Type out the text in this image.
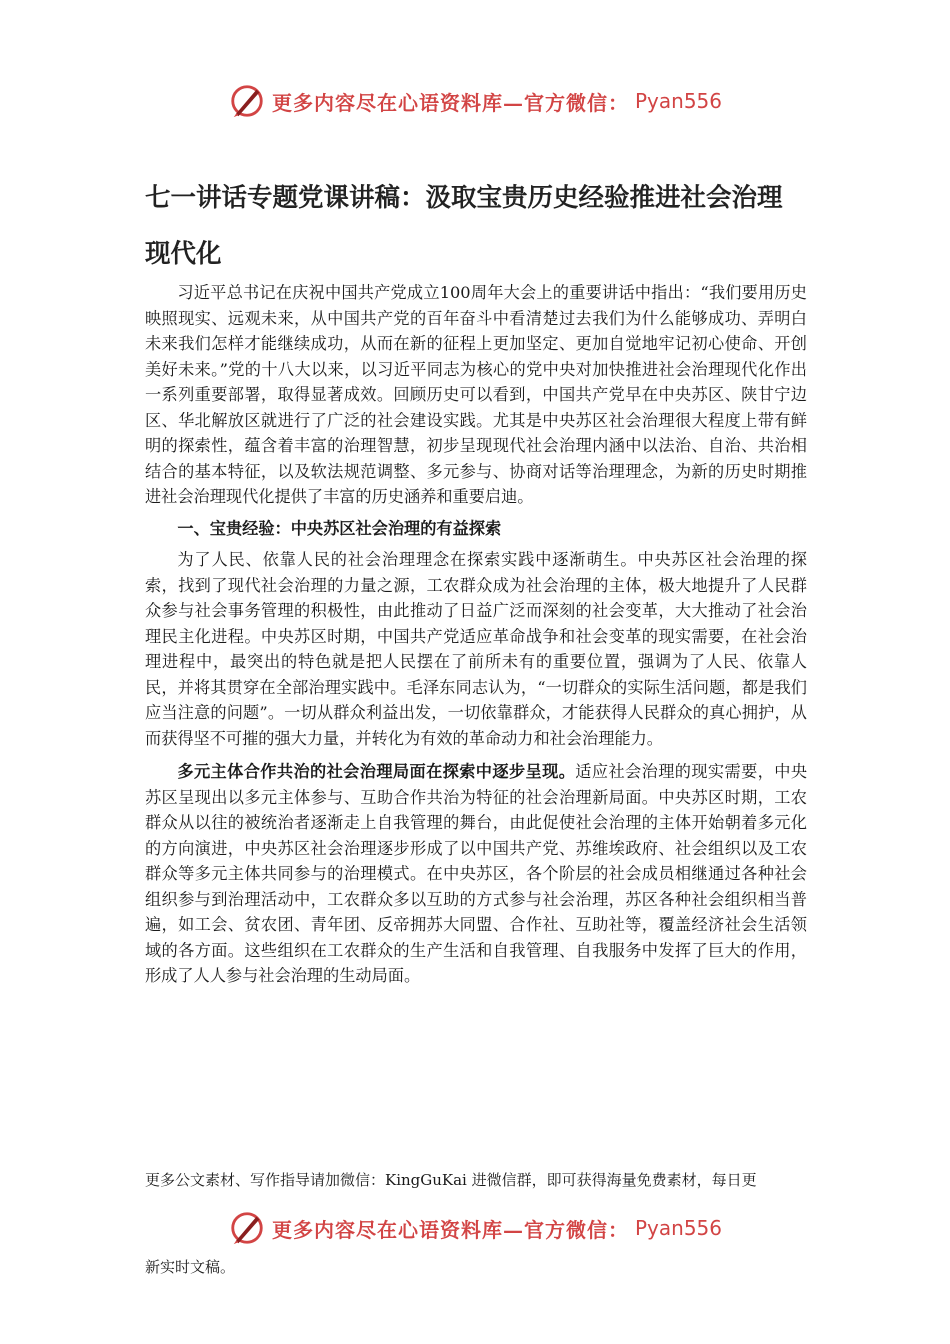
更多内容尽在心语资料库—官方微信： Pyan556
七一讲话专题党课讲稿：汲取宝贵历史经验推进社会治理现代化

习近平总书记在庆祝中国共产党成立100周年大会上的重要讲话中指出：“我们要用历史映照现实、远观未来，从中国共产党的百年奋斗中看清楚过去我们为什么能够成功、弄明白未来我们怎样才能继续成功，从而在新的征程上更加坚定、更加自觉地牢记初心使命、开创美好未来。”党的十八大以来，以习近平同志为核心的党中央对加快推进社会治理现代化作出一系列重要部署，取得显著成效。回顾历史可以看到，中国共产党早在中央苏区、陕甘宁边区、华北解放区就进行了广泛的社会建设实践。尤其是中央苏区社会治理很大程度上带有鲜明的探索性，蕴含着丰富的治理智慧，初步呈现现代社会治理内涵中以法治、自治、共治相结合的基本特征，以及软法规范调整、多元参与、协商对话等治理理念，为新的历史时期推进社会治理现代化提供了丰富的历史涵养和重要启迪。

一、宝贵经验：中央苏区社会治理的有益探索

为了人民、依靠人民的社会治理理念在探索实践中逐渐萌生。中央苏区社会治理的探索，找到了现代社会治理的力量之源，工农群众成为社会治理的主体，极大地提升了人民群众参与社会事务管理的积极性，由此推动了日益广泛而深刻的社会变革，大大推动了社会治理民主化进程。中央苏区时期，中国共产党适应革命战争和社会变革的现实需要，在社会治理进程中，最突出的特色就是把人民摆在了前所未有的重要位置，强调为了人民、依靠人民，并将其贯穿在全部治理实践中。毛泽东同志认为，“一切群众的实际生活问题，都是我们应当注意的问题”。一切从群众利益出发，一切依靠群众，才能获得人民群众的真心拥护，从而获得坚不可摧的强大力量，并转化为有效的革命动力和社会治理能力。

多元主体合作共治的社会治理局面在探索中逐步呈现。适应社会治理的现实需要，中央苏区呈现出以多元主体参与、互助合作共治为特征的社会治理新局面。中央苏区时期，工农群众从以往的被统治者逐渐走上自我管理的舞台，由此促使社会治理的主体开始朝着多元化的方向演进，中央苏区社会治理逐步形成了以中国共产党、苏维埃政府、社会组织以及工农群众等多元主体共同参与的治理模式。在中央苏区，各个阶层的社会成员相继通过各种社会组织参与到治理活动中，工农群众多以互助的方式参与社会治理，苏区各种社会组织相当普遍，如工会、贫农团、青年团、反帝拥苏大同盟、合作社、互助社等，覆盖经济社会生活领域的各方面。这些组织在工农群众的生产生活和自我管理、自我服务中发挥了巨大的作用，形成了人人参与社会治理的生动局面。

更多公文素材、写作指导请加微信：KingGuKai 进微信群，即可获得海量免费素材，每日更
更多内容尽在心语资料库—官方微信： Pyan556
新实时文稿。
